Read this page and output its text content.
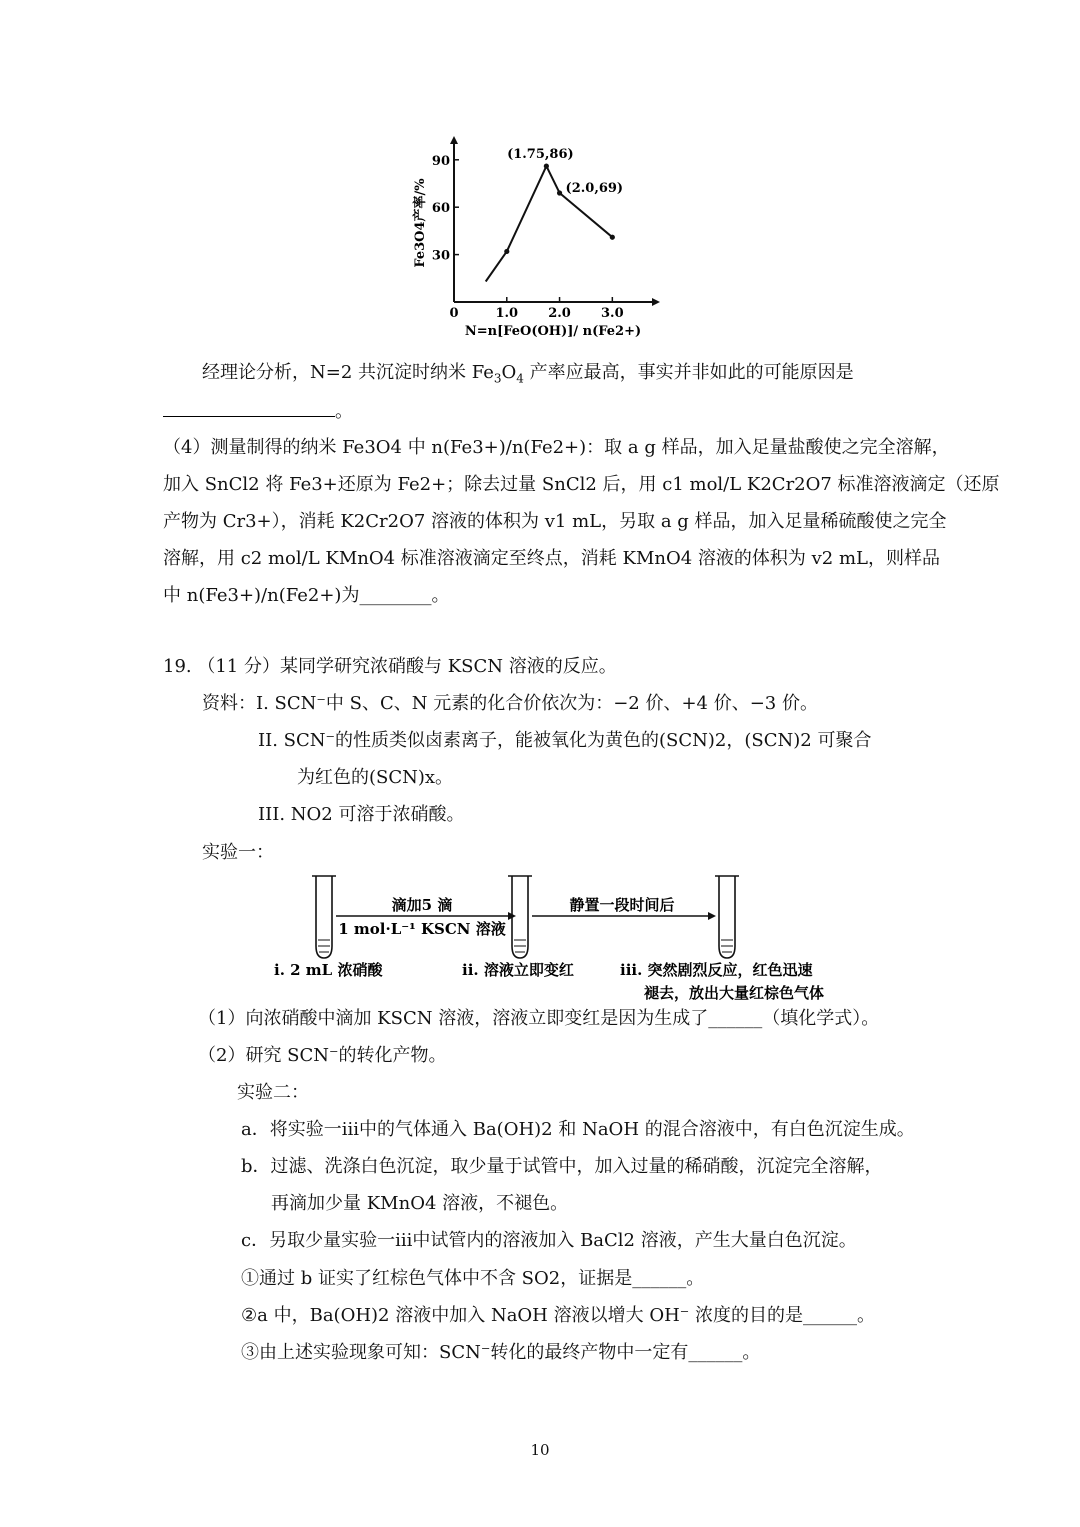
0	1.0 2.0 3.0
30
60
90
N=n[FeO(OH)]/ n(Fe2+)
Fe3O4产率/%
(1.75,86)
(2.0,69)
经理论分析，N=2 共沉淀时纳米 $Fe_3O_4$ 产率应最高，事实并非如此的可能原因是
。
（4）测量制得的纳米 Fe3O4 中 n(Fe3+)/n(Fe2+)：取 a g 样品，加入足量盐酸使之完全溶解，
加入 SnCl2 将 Fe3+还原为 Fe2+；除去过量 SnCl2 后，用 c1 mol/L K2Cr2O7 标准溶液滴定（还原
产物为 Cr3+），消耗 K2Cr2O7 溶液的体积为 v1 mL，另取 a g 样品，加入足量稀硫酸使之完全
溶解，用 c2 mol/L KMnO4 标准溶液滴定至终点，消耗 KMnO4 溶液的体积为 v2 mL，则样品
中 n(Fe3+)/n(Fe2+)为________。
19. （11 分）某同学研究浓硝酸与 KSCN 溶液的反应。
资料：I. SCN⁻中 S、C、N 元素的化合价依次为：−2 价、+4 价、−3 价。
II. SCN⁻的性质类似卤素离子，能被氧化为黄色的(SCN)2，(SCN)2 可聚合
为红色的(SCN)x。
III. NO2 可溶于浓硝酸。
实验一：
滴加5 滴
1 mol·L⁻¹ KSCN 溶液
静置一段时间后
i. 2 mL 浓硝酸	ii. 溶液立即变红	iii. 突然剧烈反应，红色迅速
褪去，放出大量红棕色气体
（1）向浓硝酸中滴加 KSCN 溶液，溶液立即变红是因为生成了______（填化学式）。
（2）研究 SCN⁻的转化产物。
实验二：
a．将实验一iii中的气体通入 Ba(OH)2 和 NaOH 的混合溶液中，有白色沉淀生成。
b．过滤、洗涤白色沉淀，取少量于试管中，加入过量的稀硝酸，沉淀完全溶解，
再滴加少量 KMnO4 溶液，不褪色。
c．另取少量实验一iii中试管内的溶液加入 BaCl2 溶液，产生大量白色沉淀。
①通过 b 证实了红棕色气体中不含 SO2，证据是______。
②a 中，Ba(OH)2 溶液中加入 NaOH 溶液以增大 OH⁻ 浓度的目的是______。
③由上述实验现象可知：SCN⁻转化的最终产物中一定有______。
10
